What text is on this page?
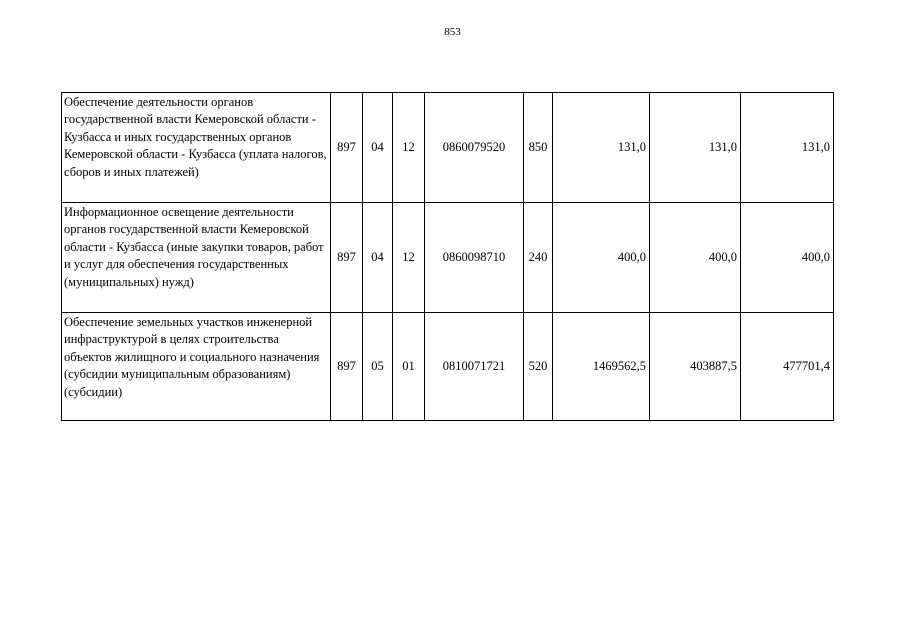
853
Обеспечение деятельности органов государственной власти Кемеровской области - Кузбасса и иных государственных органов Кемеровской области - Кузбасса (уплата налогов, сборов и иных платежей)	897	04	12	0860079520	850	131,0	131,0	131,0
Информационное освещение деятельности органов государственной власти Кемеровской области - Кузбасса (иные закупки товаров, работ и услуг для обеспечения государственных (муниципальных) нужд)	897	04	12	0860098710	240	400,0	400,0	400,0
Обеспечение земельных участков инженерной инфраструктурой в целях строительства объектов жилищного и социального назначения (субсидии муниципальным образованиям) (субсидии)	897	05	01	0810071721	520	1469562,5	403887,5	477701,4
